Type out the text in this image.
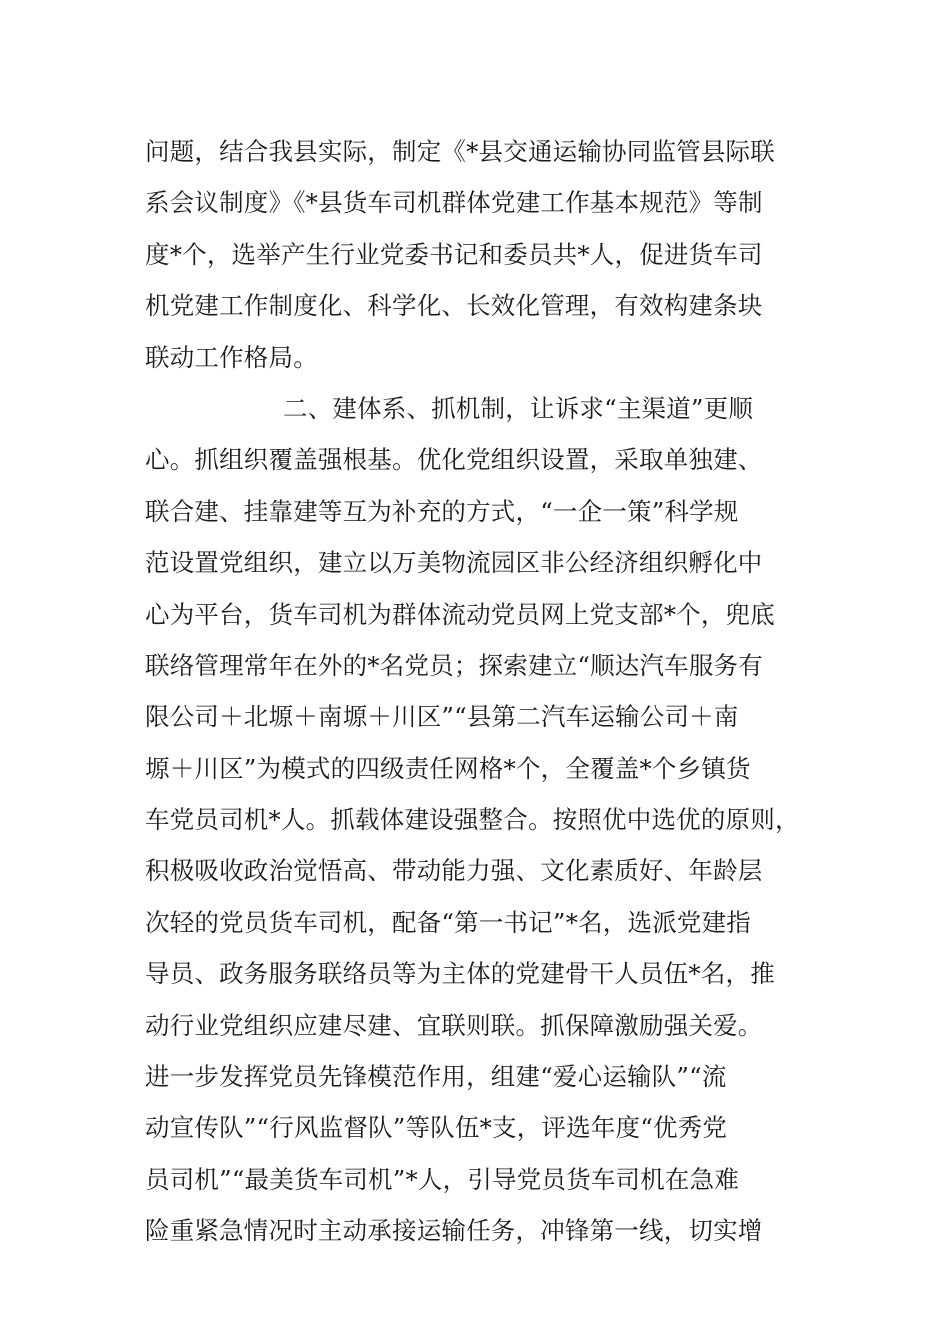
问题，结合我县实际，制定《*县交通运输协同监管县际联
系会议制度》《*县货车司机群体党建工作基本规范》等制
度*个，选举产生行业党委书记和委员共*人，促进货车司
机党建工作制度化、科学化、长效化管理，有效构建条块
联动工作格局。
二、建体系、抓机制，让诉求“主渠道”更顺
心。抓组织覆盖强根基。优化党组织设置，采取单独建、
联合建、挂靠建等互为补充的方式，“一企一策”科学规
范设置党组织，建立以万美物流园区非公经济组织孵化中
心为平台，货车司机为群体流动党员网上党支部*个，兜底
联络管理常年在外的*名党员；探索建立“顺达汽车服务有
限公司＋北塬＋南塬＋川区”“县第二汽车运输公司＋南
塬＋川区”为模式的四级责任网格*个，全覆盖*个乡镇货
车党员司机*人。抓载体建设强整合。按照优中选优的原则，
积极吸收政治觉悟高、带动能力强、文化素质好、年龄层
次轻的党员货车司机，配备“第一书记”*名，选派党建指
导员、政务服务联络员等为主体的党建骨干人员伍*名，推
动行业党组织应建尽建、宜联则联。抓保障激励强关爱。
进一步发挥党员先锋模范作用，组建“爱心运输队”“流
动宣传队”“行风监督队”等队伍*支，评选年度“优秀党
员司机”“最美货车司机”*人，引导党员货车司机在急难
险重紧急情况时主动承接运输任务，冲锋第一线，切实增
